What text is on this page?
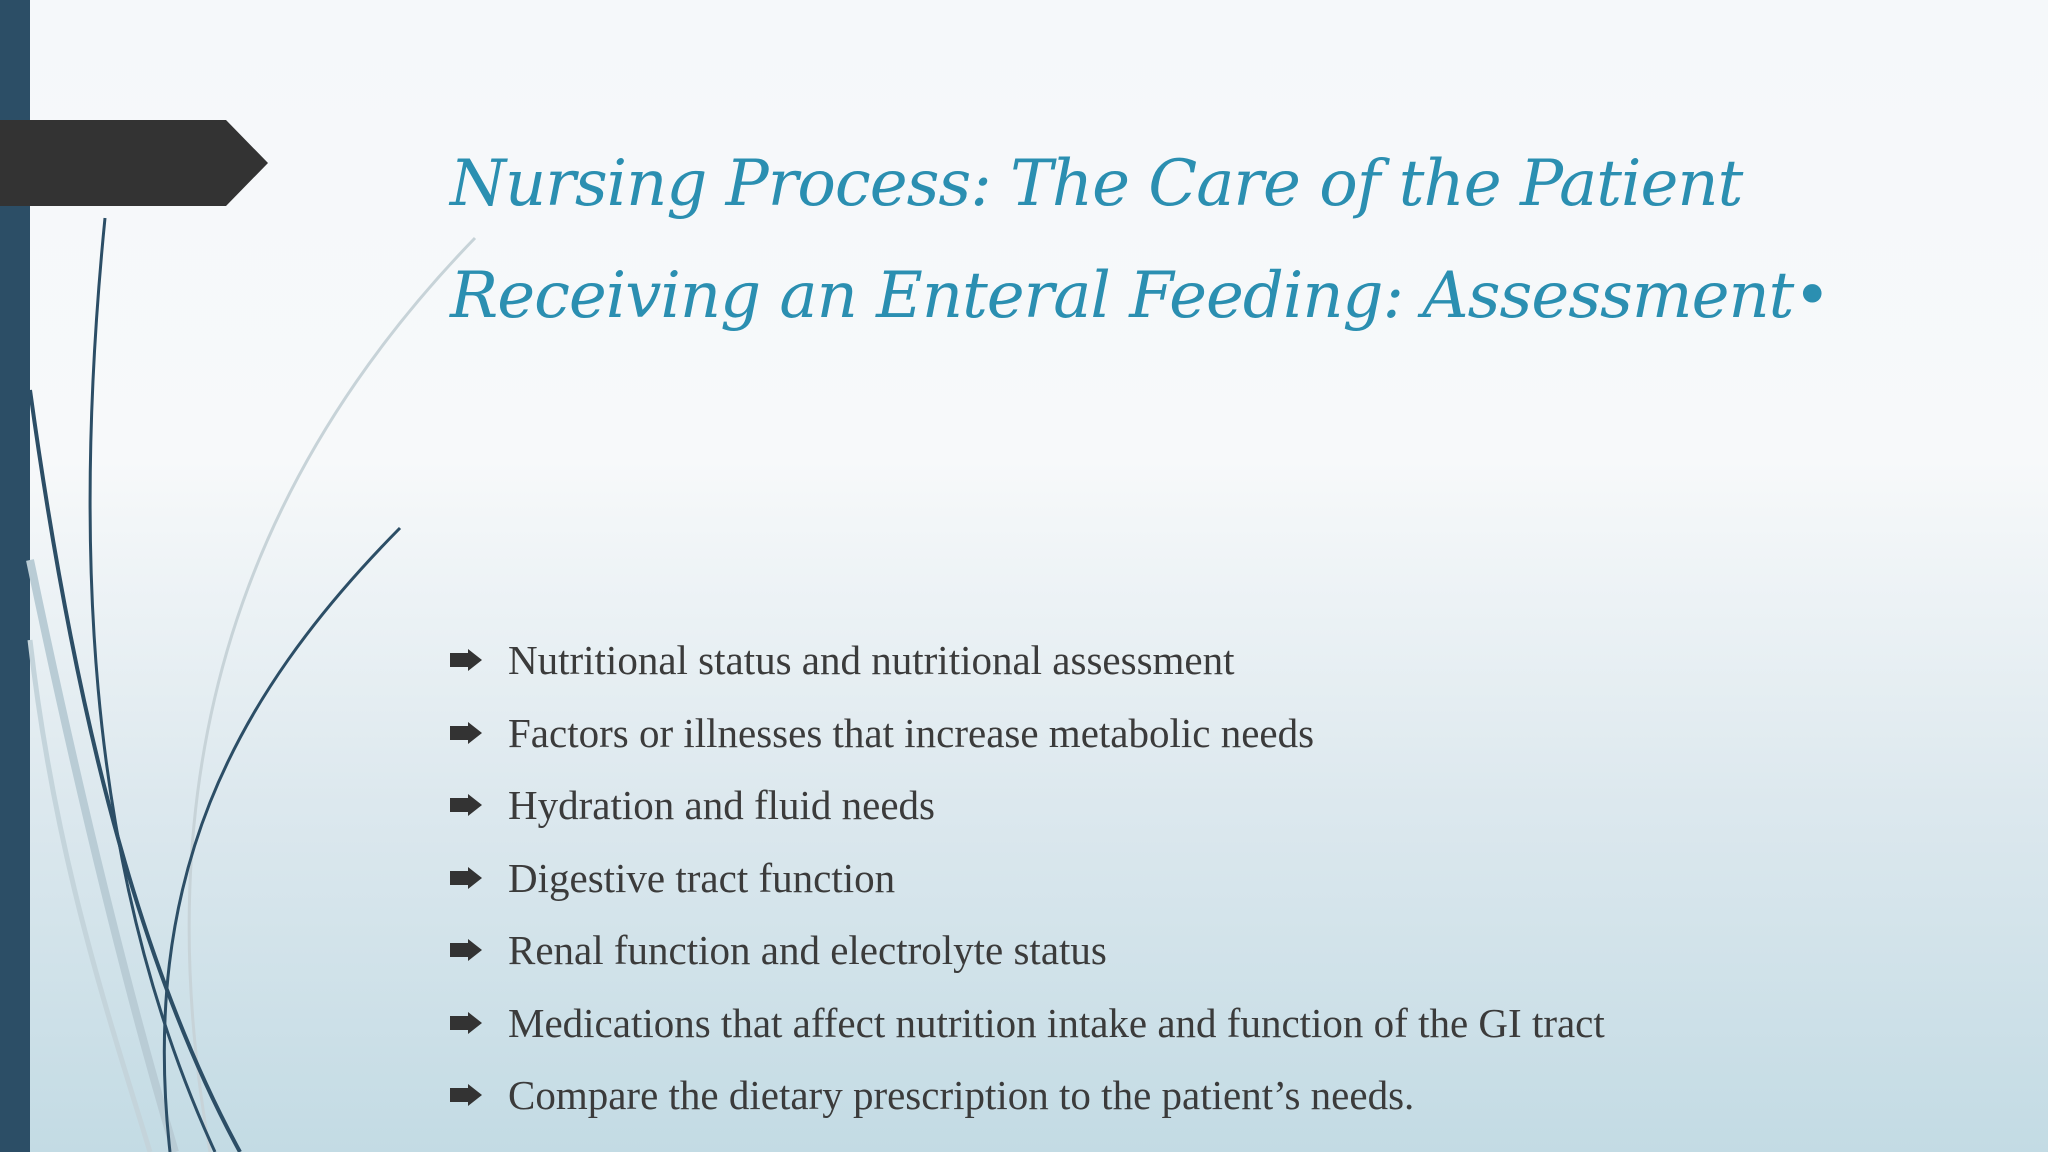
Nursing Process: The Care of the Patient Receiving an Enteral Feeding: Assessment•
Nutritional status and nutritional assessment
Factors or illnesses that increase metabolic needs
Hydration and fluid needs
Digestive tract function
Renal function and electrolyte status
Medications that affect nutrition intake and function of the GI tract
Compare the dietary prescription to the patient’s needs.
